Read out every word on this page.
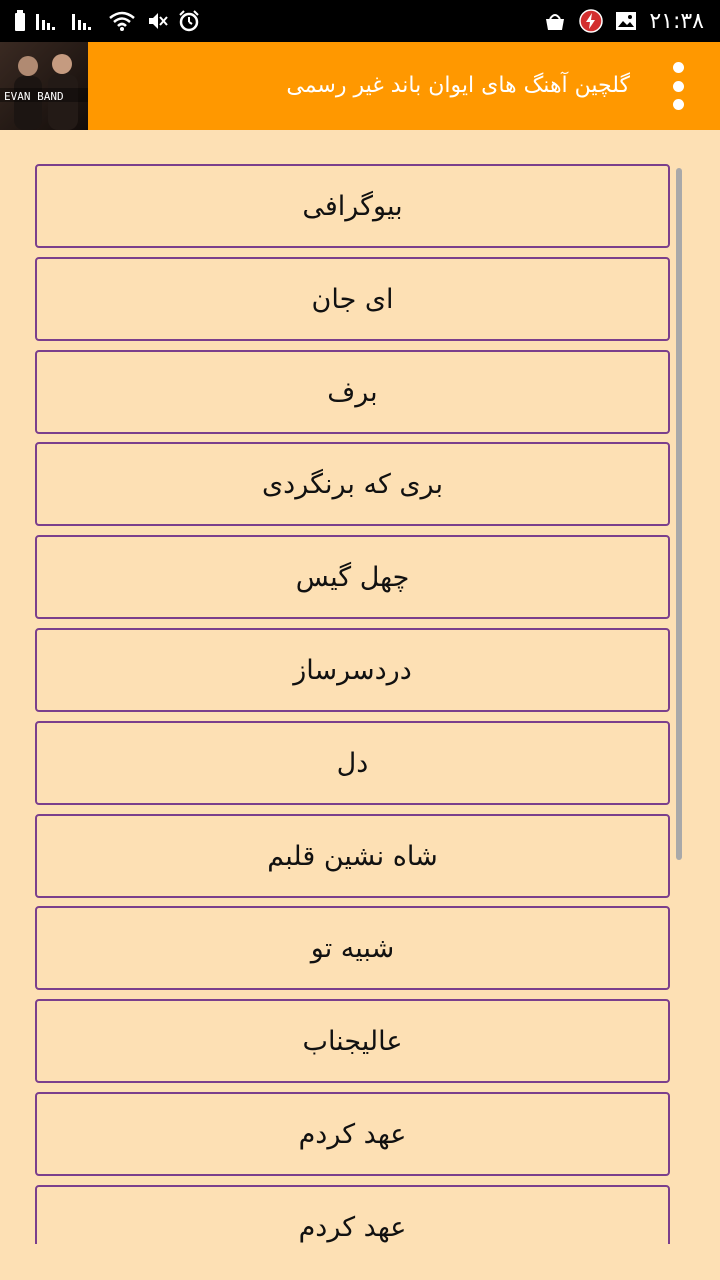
۲۱:۳۸
EVAN BAND	گلچین آهنگ های ایوان باند غیر رسمی
بیوگرافی
ای جان
برف
بری که برنگردی
چهل گیس
دردسرساز
دل
شاه نشین قلبم
شبیه تو
عالیجناب
عهد کردم
عهد کردم
